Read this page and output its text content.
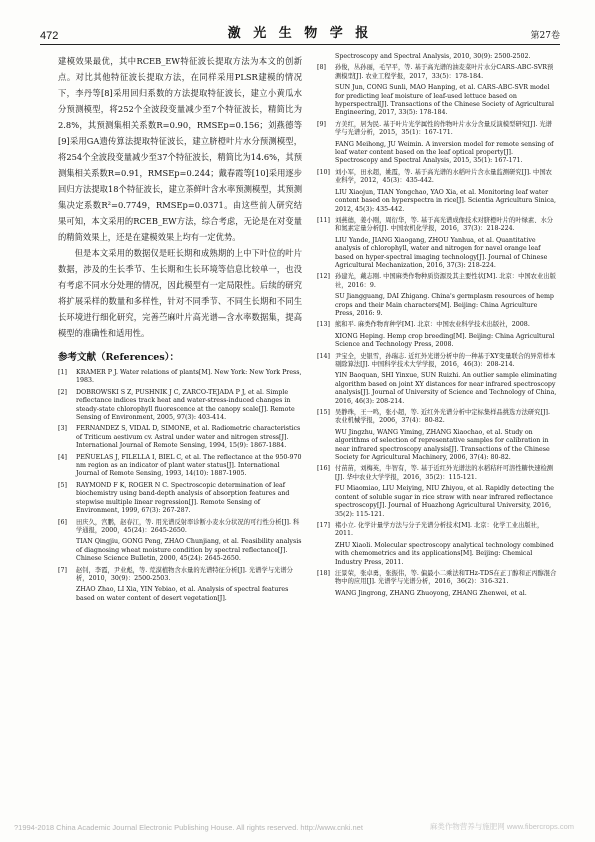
472	激 光 生 物 学 报	第27卷

建模效果最优，其中RCEB_EW特征波长提取方法为本文的创新点。对比其他特征波长提取方法，在同样采用PLSR建模的情况下，李丹等[8]采用回归系数的方法提取特征波长，建立小黄瓜水分预测模型，将252个全波段变量减少至7个特征波长，精简比为2.8%，其预测集相关系数R=0.90，RMSEp=0.156；刘燕德等[9]采用GA遗传算法提取特征波长，建立脐橙叶片水分预测模型，将254个全波段变量减少至37个特征波长，精简比为14.6%，其预测集相关系数R=0.91，RMSEp=0.244；戴春霞等[10]采用逐步回归方法提取18个特征波长，建立茶鲜叶含水率预测模型，其预测集决定系数R²=0.7749，RMSEp=0.0371。由这些前人研究结果可知，本文采用的RCEB_EW方法，综合考虑，无论是在对变量的精简效果上，还是在建模效果上均有一定优势。

但是本文采用的数据仅是旺长期和成熟期的上中下叶位的叶片数据，涉及的生长季节、生长期和生长环境等信息比较单一，也没有考虑不同水分处理的情况，因此模型有一定局限性。后续的研究将扩展采样的数量和多样性，针对不同季节、不同生长期和不同生长环境进行细化研究，完善苎麻叶片高光谱—含水率数据集，提高模型的准确性和适用性。

参考文献（References）：

[1] KRAMER P J. Water relations of plants[M]. New York: New York Press, 1983.

[2] DOBROWSKI S Z, PUSHNIK J C, ZARCO-TEJADA P J, et al. Simple reflectance indices track heat and water-stress-induced changes in steady-state chlorophyll fluorescence at the canopy scale[J]. Remote Sensing of Environment, 2005, 97(3): 403-414.

[3] FERNANDEZ S, VIDAL D, SIMONE, et al. Radiometric characteristics of Triticum aestivum cv. Astral under water and nitrogen stress[J]. International Journal of Remote Sensing, 1994, 15(9): 1867-1884.

[4] PEÑUELAS J, FILELLA I, BIEL C, et al. The reflectance at the 950-970 nm region as an indicator of plant water status[J]. International Journal of Remote Sensing, 1993, 14(10): 1887-1905.

[5] RAYMOND F K, ROGER N C. Spectroscopic determination of leaf biochemistry using band-depth analysis of absorption features and stepwise multiple linear regression[J]. Remote Sensing of Environment, 1999, 67(3): 267-287.

[6] 田庆久，宫鹏，赵春江，等. 用光谱反射率诊断小麦水分状况的可行性分析[J]. 科学通报，2000，45(24)：2645-2650.

TIAN Qingjiu, GONG Peng, ZHAO Chunjiang, et al. Feasibility analysis of diagnosing wheat moisture condition by spectral reflectance[J]. Chinese Science Bulletin, 2000, 45(24): 2645-2650.

[7] 赵钊，李霞，尹业彪，等. 荒漠植物含水量的光谱特征分析[J]. 光谱学与光谱分析，2010，30(9)：2500-2503.

ZHAO Zhao, LI Xia, YIN Yebiao, et al. Analysis of spectral features based on water content of desert vegetation[J].

Spectroscopy and Spectral Analysis, 2010, 30(9): 2500-2502.

[8] 孙俊，丛孙丽，毛罕平，等. 基于高光谱的油麦菜叶片水分CARS-ABC-SVR预测模型[J]. 农业工程学报，2017，33(5)：178-184.

SUN Jun, CONG Sunli, MAO Hanping, et al. CARS-ABC-SVR model for predicting leaf moisture of leaf-used lettuce based on hyperspectral[J]. Transactions of the Chinese Society of Agricultural Engineering, 2017, 33(5): 178-184.

[9] 方美红，居为民. 基于叶片光学属性的作物叶片水分含量反演模型研究[J]. 光谱学与光谱分析，2015，35(1)：167-171.

FANG Meihong, JU Weimin. A inversion model for remote sensing of leaf water content based on the leaf optical property[J]. Spectroscopy and Spectral Analysis, 2015, 35(1): 167-171.

[10] 刘小军，田永超，姚霞，等. 基于高光谱的水稻叶片含水量监测研究[J]. 中国农业科学，2012，45(3)：435-442.

LIU Xiaojun, TIAN Yongchao, YAO Xia, et al. Monitoring leaf water content based on hyperspectra in rice[J]. Scientia Agricultura Sinica, 2012, 45(3): 435-442.

[11] 刘燕德，姜小刚，周衍华，等. 基于高光谱成像技术对脐橙叶片的叶绿素、水分和氮素定量分析[J]. 中国农机化学报，2016，37(3)：218-224.

LIU Yande, JIANG Xiaogang, ZHOU Yanhua, et al. Quantitative analysis of chlorophyll, water and nitrogen for navel orange leaf based on hyper-spectral imaging technology[J]. Journal of Chinese Agricultural Mechanization, 2016, 37(3): 218-224.

[12] 孙建光，戴志刚. 中国麻类作物种质资源及其主要性状[M]. 北京：中国农业出版社，2016：9.

SU Jiangguang, DAI Zhigang. China's germplasm resources of hemp crops and their Main characters[M]. Beijing: China Agriculture Press, 2016: 9.

[13] 熊和平. 麻类作物育种学[M]. 北京：中国农业科学技术出版社，2008.

XIONG Heping. Hemp crop breeding[M]. Beijing: China Agricultural Science and Technology Press, 2008.

[14] 尹宝全，史银雪，孙瑞志. 近红外光谱分析中的一种基于XY变量联合的异常样本剔除算法[J]. 中国科学技术大学学报，2016，46(3)：208-214.

YIN Baoquan, SHI Yinxue, SUN Ruizhi. An outlier sample eliminating algorithm based on joint XY distances for near infrared spectroscopy analysis[J]. Journal of University of Science and Technology of China, 2016, 46(3): 208-214.

[15] 吴静珠，王一鸣，张小超，等. 近红外光谱分析中定标集样品挑选方法研究[J]. 农业机械学报，2006，37(4)：80-82.

WU Jingzhu, WANG Yiming, ZHANG Xiaochao, et al. Study on algorithms of selection of representative samples for calibration in near infrared spectroscopy analysis[J]. Transactions of the Chinese Society for Agricultural Machinery, 2006, 37(4): 80-82.

[16] 付苗苗，刘梅英，牛智有，等. 基于近红外光谱法的水稻秸秆可溶性糖快速检测[J]. 华中农业大学学报，2016，35(2)：115-121.

FU Miaomiao, LIU Meiying, NIU Zhiyou, et al. Rapidly detecting the content of soluble sugar in rice straw with near infrared reflectance spectroscopy[J]. Journal of Huazhong Agricultural University, 2016, 35(2): 115-121.

[17] 褚小立. 化学计量学方法与分子光谱分析技术[M]. 北京：化学工业出版社，2011.

ZHU Xiaoli. Molecular spectroscopy analytical technology combined with chemometrics and its applications[M]. Beijing: Chemical Industry Press, 2011.

[18] 汪景荣，张卓勇，张振伟，等. 偏最小二乘法和THz-TDS在正丁醇和正丙醇混合物中的应用[J]. 光谱学与光谱分析，2016，36(2)：316-321.

WANG Jingrong, ZHANG Zhuoyong, ZHANG Zhenwei, et al.

?1994-2018 China Academic Journal Electronic Publishing House. All rights reserved. http://www.cnki.net	麻类作物营养与施肥网 www.fibercrops.com
